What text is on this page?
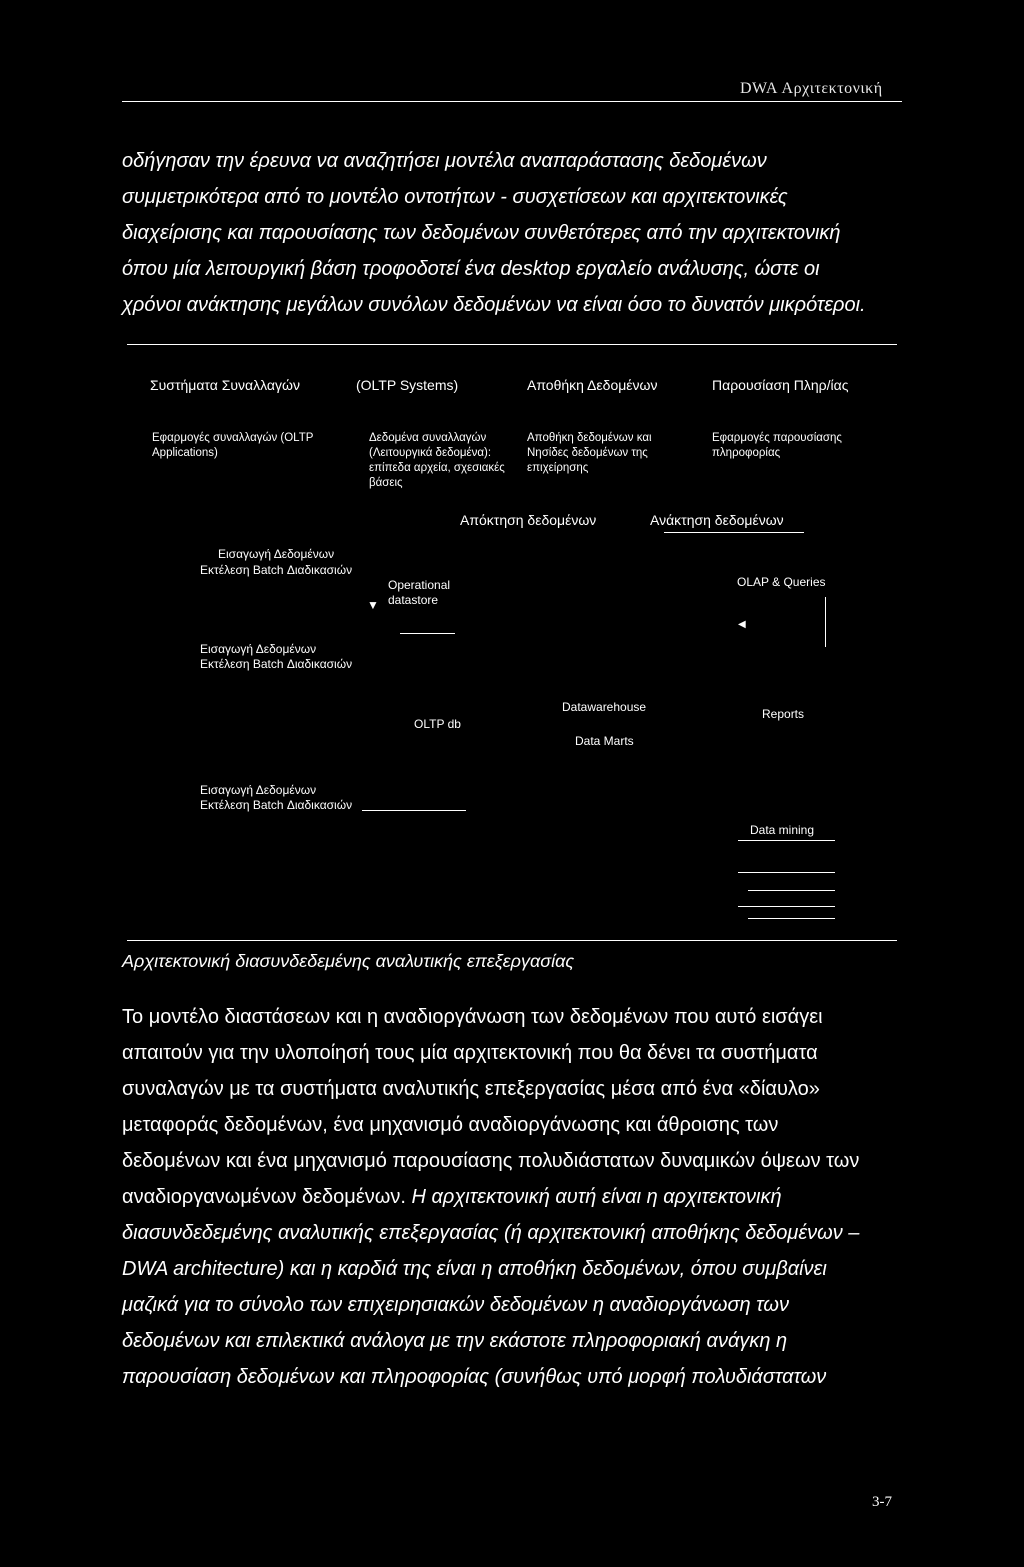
DWA Αρχιτεκτονική
οδήγησαν την έρευνα να αναζητήσει μοντέλα αναπαράστασης δεδομένων
συμμετρικότερα από το μοντέλο οντοτήτων - συσχετίσεων και αρχιτεκτονικές
διαχείρισης και παρουσίασης των δεδομένων συνθετότερες από την αρχιτεκτονική
όπου μία λειτουργική βάση τροφοδοτεί ένα desktop εργαλείο ανάλυσης, ώστε οι
χρόνοι ανάκτησης μεγάλων συνόλων δεδομένων να είναι όσο το δυνατόν μικρότεροι.
Συστήματα Συναλλαγών	(OLTP Systems)	Αποθήκη Δεδομένων	Παρουσίαση Πληρ/ίας
Εφαρμογές συναλλαγών (OLTP Applications)
Δεδομένα συναλλαγών (Λειτουργικά δεδομένα): επίπεδα αρχεία, σχεσιακές βάσεις
Αποθήκη δεδομένων και Νησίδες δεδομένων της επιχείρησης
Εφαρμογές παρουσίασης πληροφορίας
Απόκτηση δεδομένων	Ανάκτηση δεδομένων
Εισαγωγή Δεδομένων
Εκτέλεση Batch Διαδικασιών
Operational
datastore
▼
OLAP & Queries
◀
Εισαγωγή Δεδομένων
Εκτέλεση Batch Διαδικασιών
OLTP db
Datawarehouse
Data Marts
Reports
Εισαγωγή Δεδομένων
Εκτέλεση Batch Διαδικασιών
Data mining
Αρχιτεκτονική διασυνδεδεμένης αναλυτικής επεξεργασίας
Το μοντέλο διαστάσεων και η αναδιοργάνωση των δεδομένων που αυτό εισάγει
απαιτούν για την υλοποίησή τους μία αρχιτεκτονική που θα δένει τα συστήματα
συναλαγών με τα συστήματα αναλυτικής επεξεργασίας μέσα από ένα «δίαυλο»
μεταφοράς δεδομένων, ένα μηχανισμό αναδιοργάνωσης και άθροισης των
δεδομένων και ένα μηχανισμό παρουσίασης πολυδιάστατων δυναμικών όψεων των
αναδιοργανωμένων δεδομένων. Η αρχιτεκτονική αυτή είναι η αρχιτεκτονική
διασυνδεδεμένης αναλυτικής επεξεργασίας (ή αρχιτεκτονική αποθήκης δεδομένων –
DWA architecture) και η καρδιά της είναι η αποθήκη δεδομένων, όπου συμβαίνει
μαζικά για το σύνολο των επιχειρησιακών δεδομένων η αναδιοργάνωση των
δεδομένων και επιλεκτικά ανάλογα με την εκάστοτε πληροφοριακή ανάγκη η
παρουσίαση δεδομένων και πληροφορίας (συνήθως υπό μορφή πολυδιάστατων
3-7
